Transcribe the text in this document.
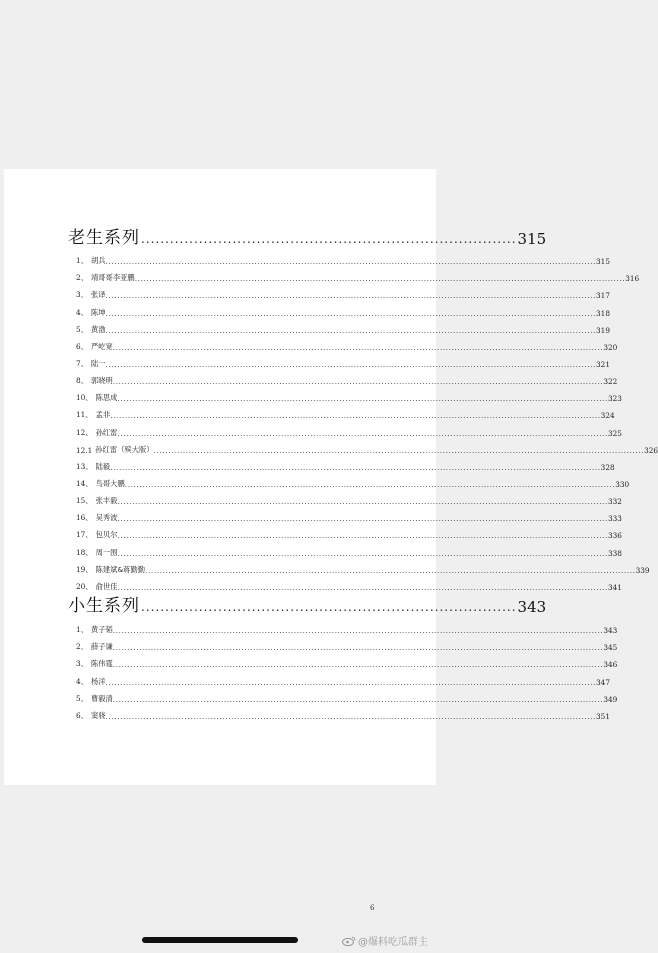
老生系列 .............................................................................. 315
1、 胡兵 ........................................................................................................................................................................ 315
2、 靖哥哥李亚鹏 ........................................................................................................................................................................ 316
3、 张译 ........................................................................................................................................................................ 317
4、 陈坤 ........................................................................................................................................................................ 318
5、 黄渤 ........................................................................................................................................................................ 319
6、 严屹宽 ........................................................................................................................................................................ 320
7、 陆一 ........................................................................................................................................................................ 321
8、 郭晓明 ........................................................................................................................................................................ 322
10、 陈思成 ........................................................................................................................................................................ 323
11、 孟非 ........................................................................................................................................................................ 324
12、 孙红雷 ........................................................................................................................................................................ 325
12.1 孙红雷（殡大版） ........................................................................................................................................................................ 326
13、 陆毅 ........................................................................................................................................................................ 328
14、 鸟哥大鹏 ........................................................................................................................................................................ 330
15、 张丰毅 ........................................................................................................................................................................ 332
16、 吴秀波 ........................................................................................................................................................................ 333
17、 包贝尔 ........................................................................................................................................................................ 336
18、 周一围 ........................................................................................................................................................................ 338
19、 陈建斌&蒋勤勤 ........................................................................................................................................................................ 339
20、 俞世佳 ........................................................................................................................................................................ 341
小生系列 .............................................................................. 343
1、 黄子韬 ........................................................................................................................................................................ 343
2、 薛子谦 ........................................................................................................................................................................ 345
3、 陈伟霆 ........................................................................................................................................................................ 346
4、 杨洋 ........................................................................................................................................................................ 347
5、 曹毅清 ........................................................................................................................................................................ 349
6、 窦骁 ........................................................................................................................................................................ 351
6
@爆料吃瓜群主
